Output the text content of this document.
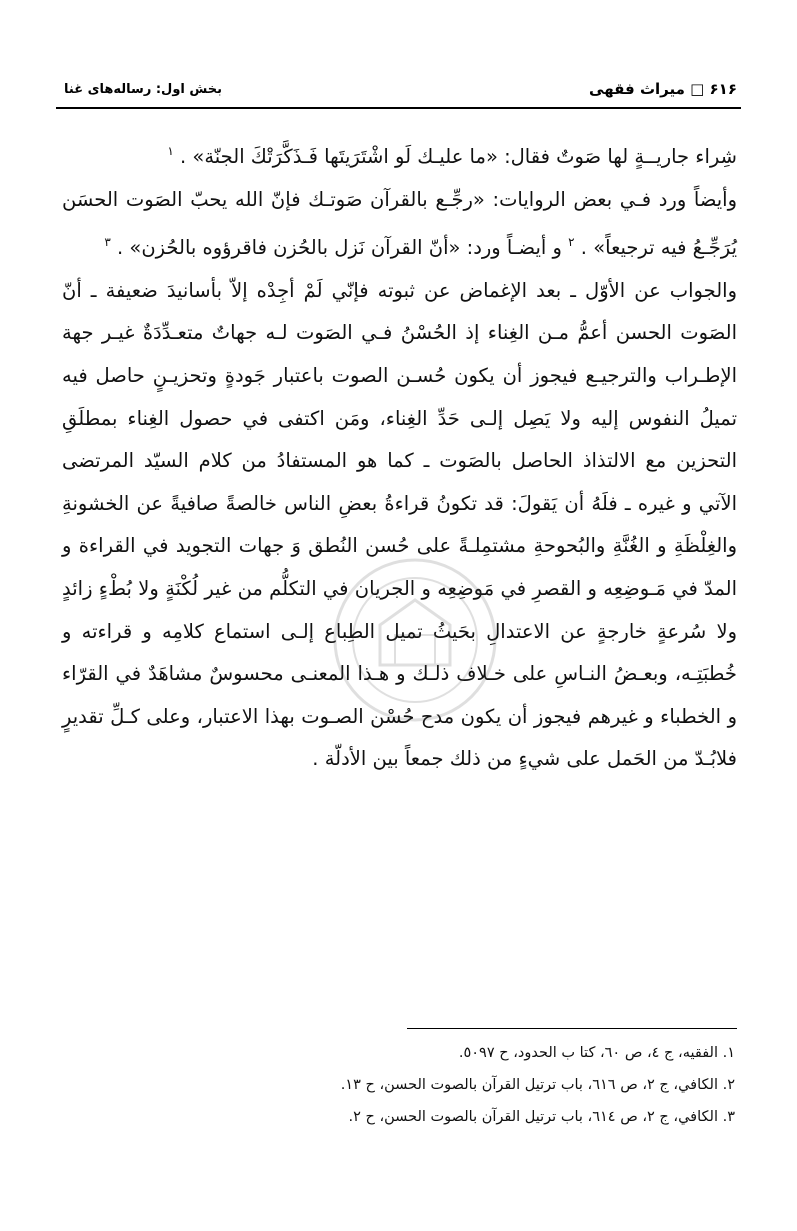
۶۱۶ □ میراث فقهی
بخش اول: رساله‌های غنا

شِراء جاريــةٍ لها صَوتٌ فقال: «ما عليـك لَو اشْتَرَيتَها فَـذَكَّرَتْكَ الجنّة» . $^۱$

وأيضاً ورد فـي بعض الروايات: «رجِّـع بالقرآن صَوتـك فإنّ الله يحبّ الصَوت الحسَن يُرَجِّـعُ فيه ترجيعاً» . $^۲$ و أيضـاً ورد: «أنّ القرآن نَزل بالحُزن فاقرؤوه بالحُزن» . $^۳$

والجواب عن الأوّل ـ بعد الإغماض عن ثبوته فإنّي لَمْ أجِدْه إلاّ بأسانيدَ ضعيفة ـ أنّ الصَوت الحسن أعمُّ مـن الغِناء إذ الحُسْنُ فـي الصَوت لـه جهاتٌ متعـدِّدَةٌ غيـر جهة الإطـراب والترجيـع فيجوز أن يكون حُسـن الصوت باعتبار جَودةٍ وتحزيـنٍ حاصل فيه تميلُ النفوس إليه ولا يَصِل إلـى حَدِّ الغِناء، ومَن اكتفى في حصول الغِناء بمطلَقِ التحزين مع الالتذاذ الحاصل بالصَوت ـ كما هو المستفادُ من كلام السيّد المرتضى الآتي و غيره ـ فلَهُ أن يَقولَ: قد تكونُ قراءةُ بعضِ الناس خالصةً صافيةً عن الخشونةِ والغِلْظَةِ و الغُنَّةِ والبُحوحةِ مشتمِلـةً على حُسن النُطق وَ جهات التجويد في القراءة و المدّ في مَـوضِعِه و القصرِ في مَوضِعِه و الجريان في التكلُّم من غير لُكْنَةٍ ولا بُطْءٍ زائدٍ ولا سُرعةٍ خارجةٍ عن الاعتدالِ بحَيثُ تميل الطِباع إلـى استماع كلامِه و قراءته و خُطبَتِـه، وبعـضُ النـاسِ على خـلاف ذلـك و هـذا المعنـى محسوسٌ مشاهَدٌ في القرّاء و الخطباء و غيرهم فيجوز أن يكون مدح حُسْن الصـوت بهذا الاعتبار، وعلى كـلِّ تقديرٍ فلابُـدّ من الحَمل على شيءٍ من ذلك جمعاً بين الأدلّة .

۱. الفقيه، ج ٤، ص ٦٠، كتا ب الحدود، ح ٥٠٩٧.
۲. الكافي، ج ٢، ص ٦١٦، باب ترتيل القرآن بالصوت الحسن، ح ١٣.
۳. الكافي، ج ٢، ص ٦١٤، باب ترتيل القرآن بالصوت الحسن، ح ٢.
